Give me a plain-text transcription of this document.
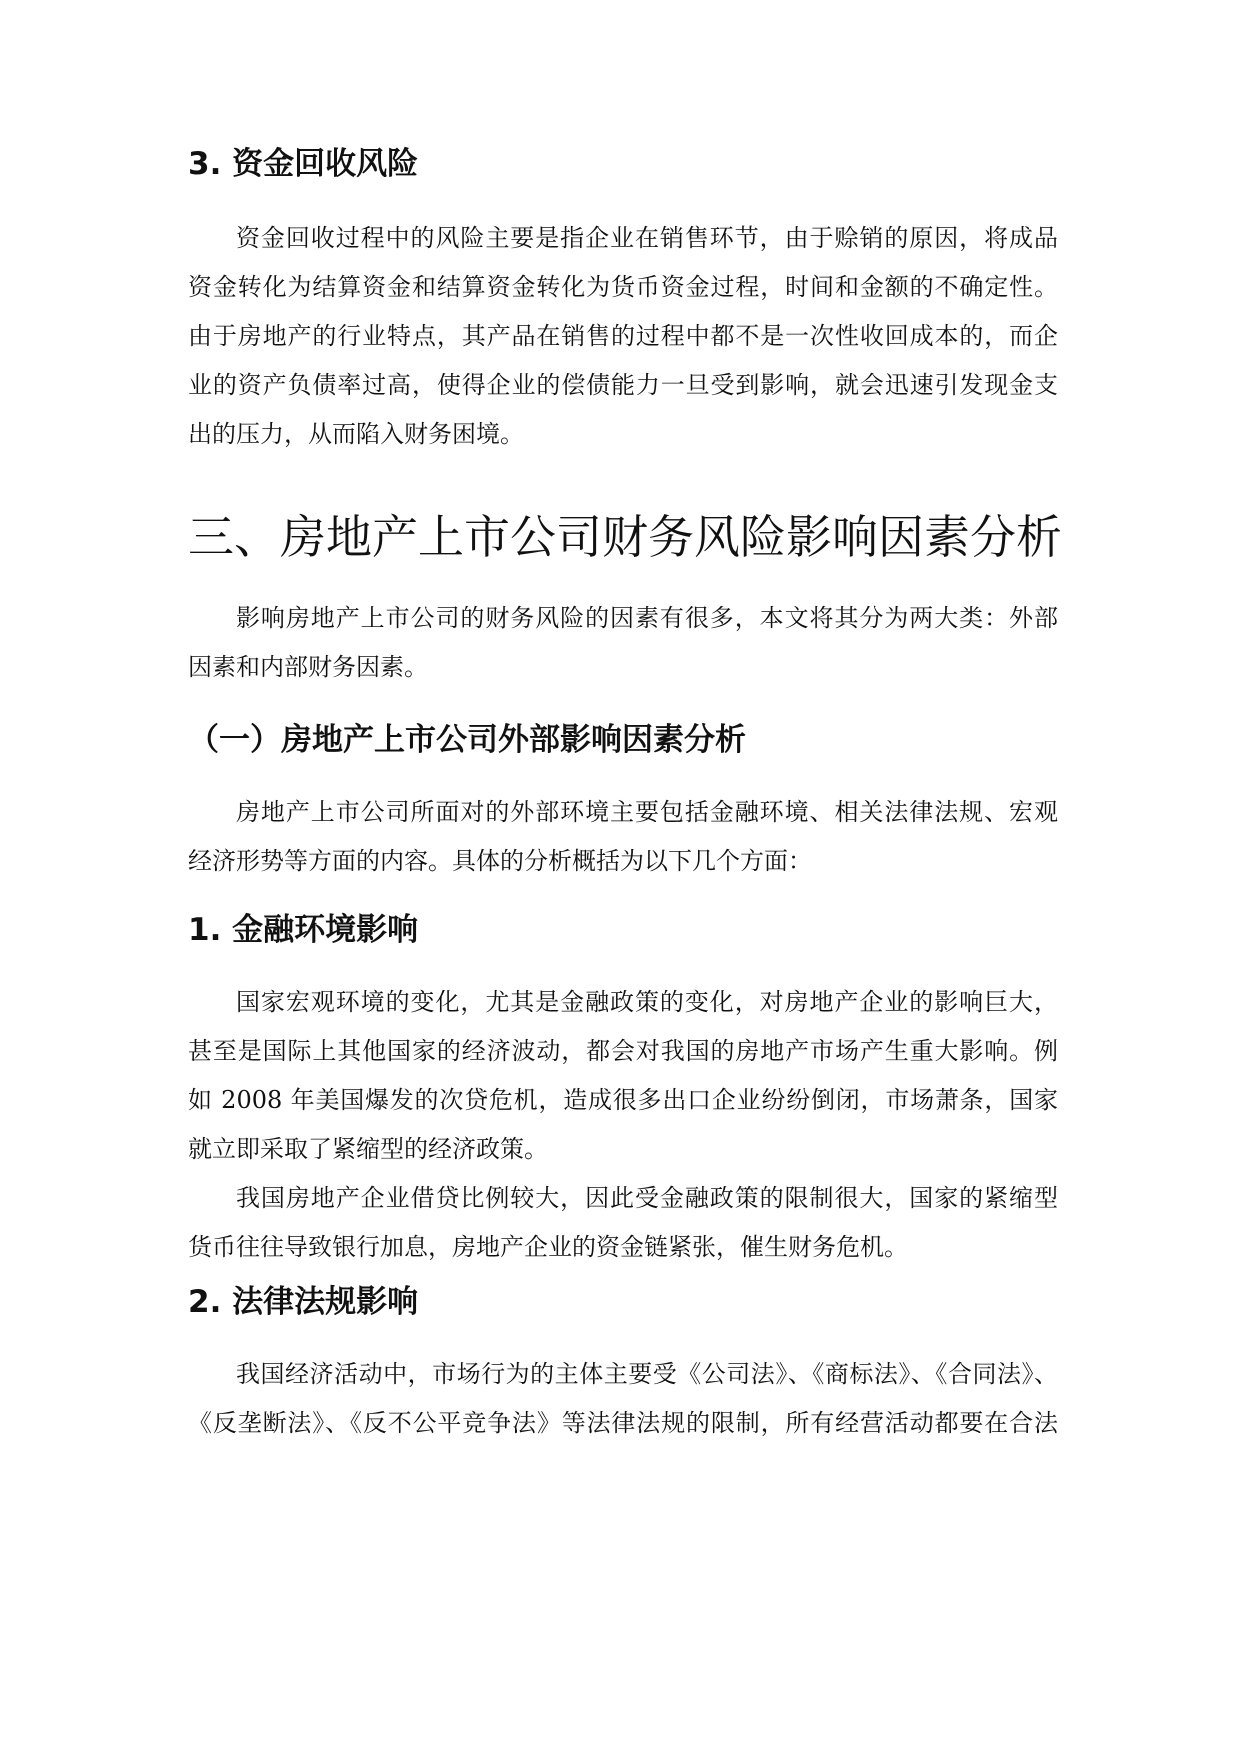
3. 资金回收风险
资金回收过程中的风险主要是指企业在销售环节，由于赊销的原因，将成品
资金转化为结算资金和结算资金转化为货币资金过程，时间和金额的不确定性。
由于房地产的行业特点，其产品在销售的过程中都不是一次性收回成本的，而企
业的资产负债率过高，使得企业的偿债能力一旦受到影响，就会迅速引发现金支
出的压力，从而陷入财务困境。
三、房地产上市公司财务风险影响因素分析
影响房地产上市公司的财务风险的因素有很多，本文将其分为两大类：外部
因素和内部财务因素。
（一）房地产上市公司外部影响因素分析
房地产上市公司所面对的外部环境主要包括金融环境、相关法律法规、宏观
经济形势等方面的内容。具体的分析概括为以下几个方面：
1. 金融环境影响
国家宏观环境的变化，尤其是金融政策的变化，对房地产企业的影响巨大，
甚至是国际上其他国家的经济波动，都会对我国的房地产市场产生重大影响。例
如 2008 年美国爆发的次贷危机，造成很多出口企业纷纷倒闭，市场萧条，国家
就立即采取了紧缩型的经济政策。
我国房地产企业借贷比例较大，因此受金融政策的限制很大，国家的紧缩型
货币往往导致银行加息，房地产企业的资金链紧张，催生财务危机。
2. 法律法规影响
我国经济活动中，市场行为的主体主要受《公司法》、《商标法》、《合同法》、
《反垄断法》、《反不公平竞争法》等法律法规的限制，所有经营活动都要在合法
